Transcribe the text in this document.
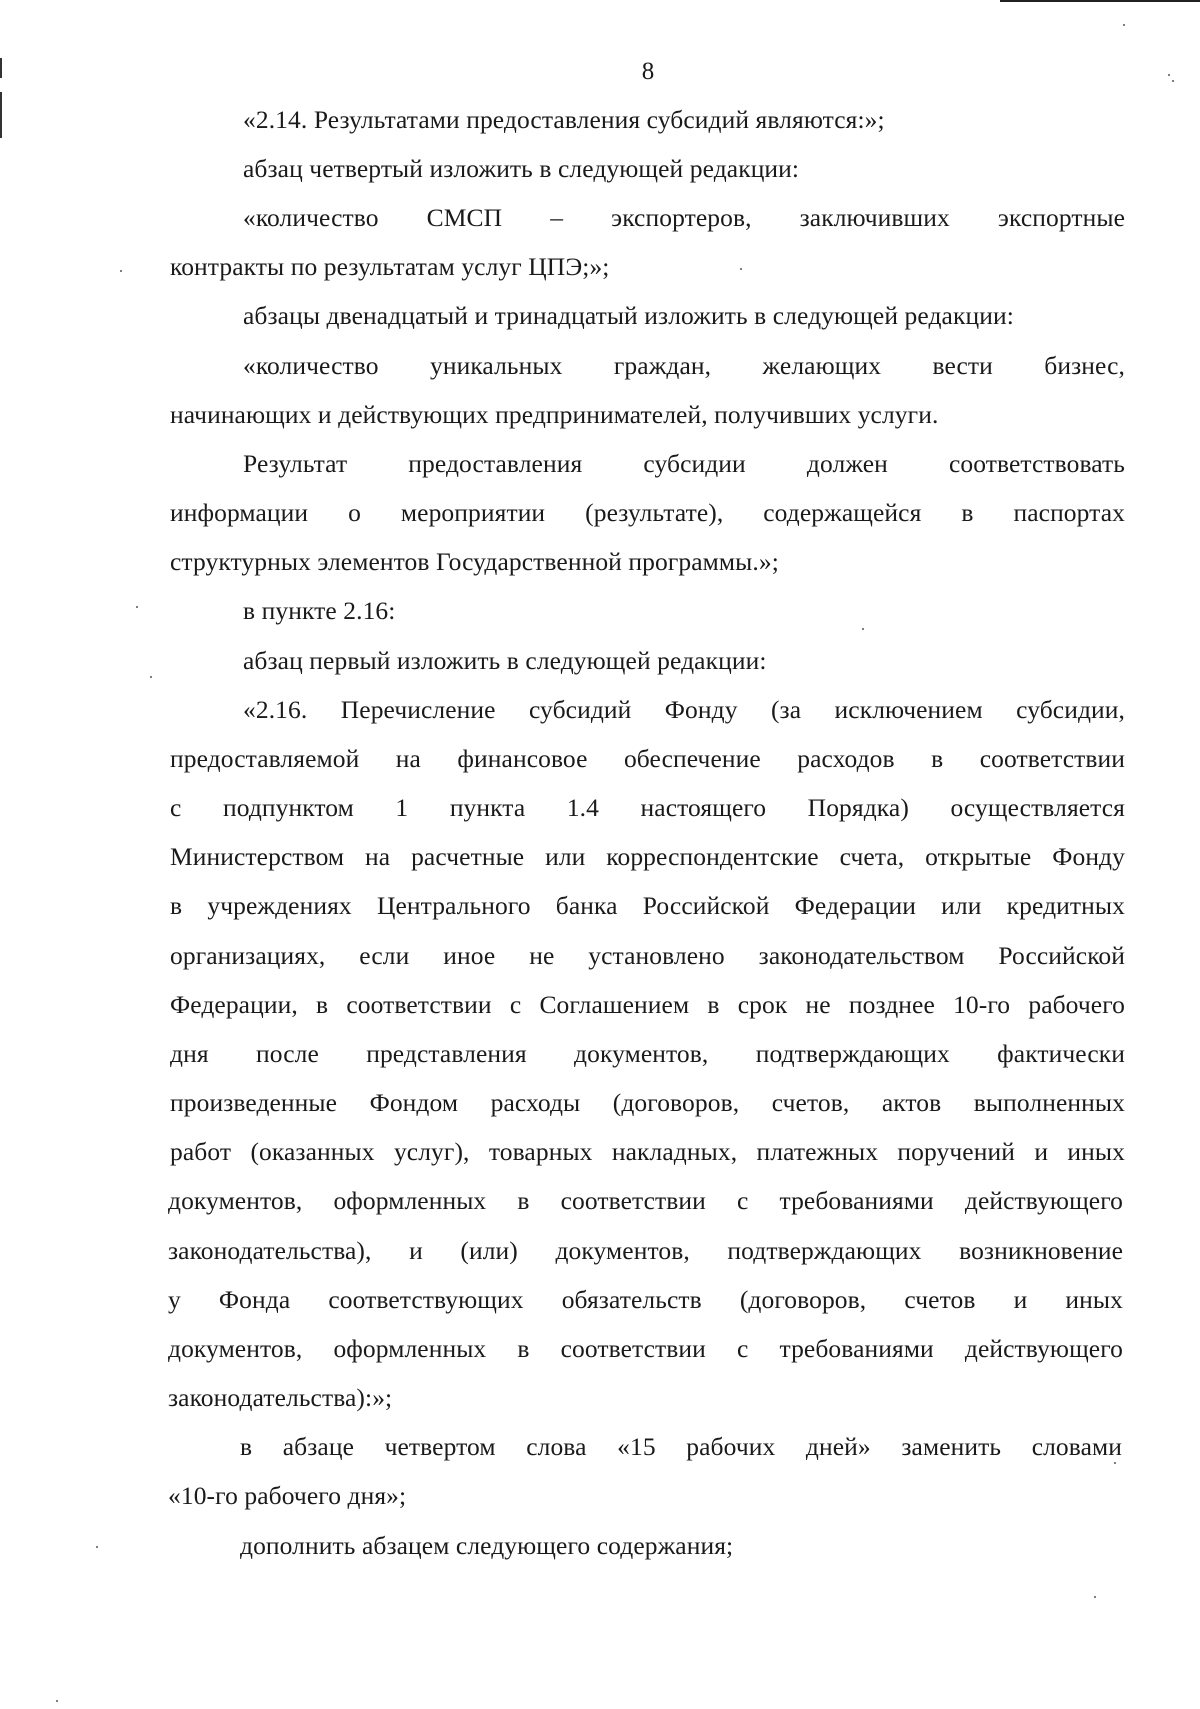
8
«2.14. Результатами предоставления субсидий являются:»;
абзац четвертый изложить в следующей редакции:
«количество СМСП – экспортеров, заключивших экспортные
контракты по результатам услуг ЦПЭ;»;
абзацы двенадцатый и тринадцатый изложить в следующей редакции:
«количество уникальных граждан, желающих вести бизнес,
начинающих и действующих предпринимателей, получивших услуги.
Результат предоставления субсидии должен соответствовать
информации о мероприятии (результате), содержащейся в паспортах
структурных элементов Государственной программы.»;
в пункте 2.16:
абзац первый изложить в следующей редакции:
«2.16. Перечисление субсидий Фонду (за исключением субсидии,
предоставляемой на финансовое обеспечение расходов в соответствии
с подпунктом 1 пункта 1.4 настоящего Порядка) осуществляется
Министерством на расчетные или корреспондентские счета, открытые Фонду
в учреждениях Центрального банка Российской Федерации или кредитных
организациях, если иное не установлено законодательством Российской
Федерации, в соответствии с Соглашением в срок не позднее 10-го рабочего
дня после представления документов, подтверждающих фактически
произведенные Фондом расходы (договоров, счетов, актов выполненных
работ (оказанных услуг), товарных накладных, платежных поручений и иных
документов, оформленных в соответствии с требованиями действующего
законодательства), и (или) документов, подтверждающих возникновение
у Фонда соответствующих обязательств (договоров, счетов и иных
документов, оформленных в соответствии с требованиями действующего
законодательства):»;
в абзаце четвертом слова «15 рабочих дней» заменить словами
«10-го рабочего дня»;
дополнить абзацем следующего содержания;
